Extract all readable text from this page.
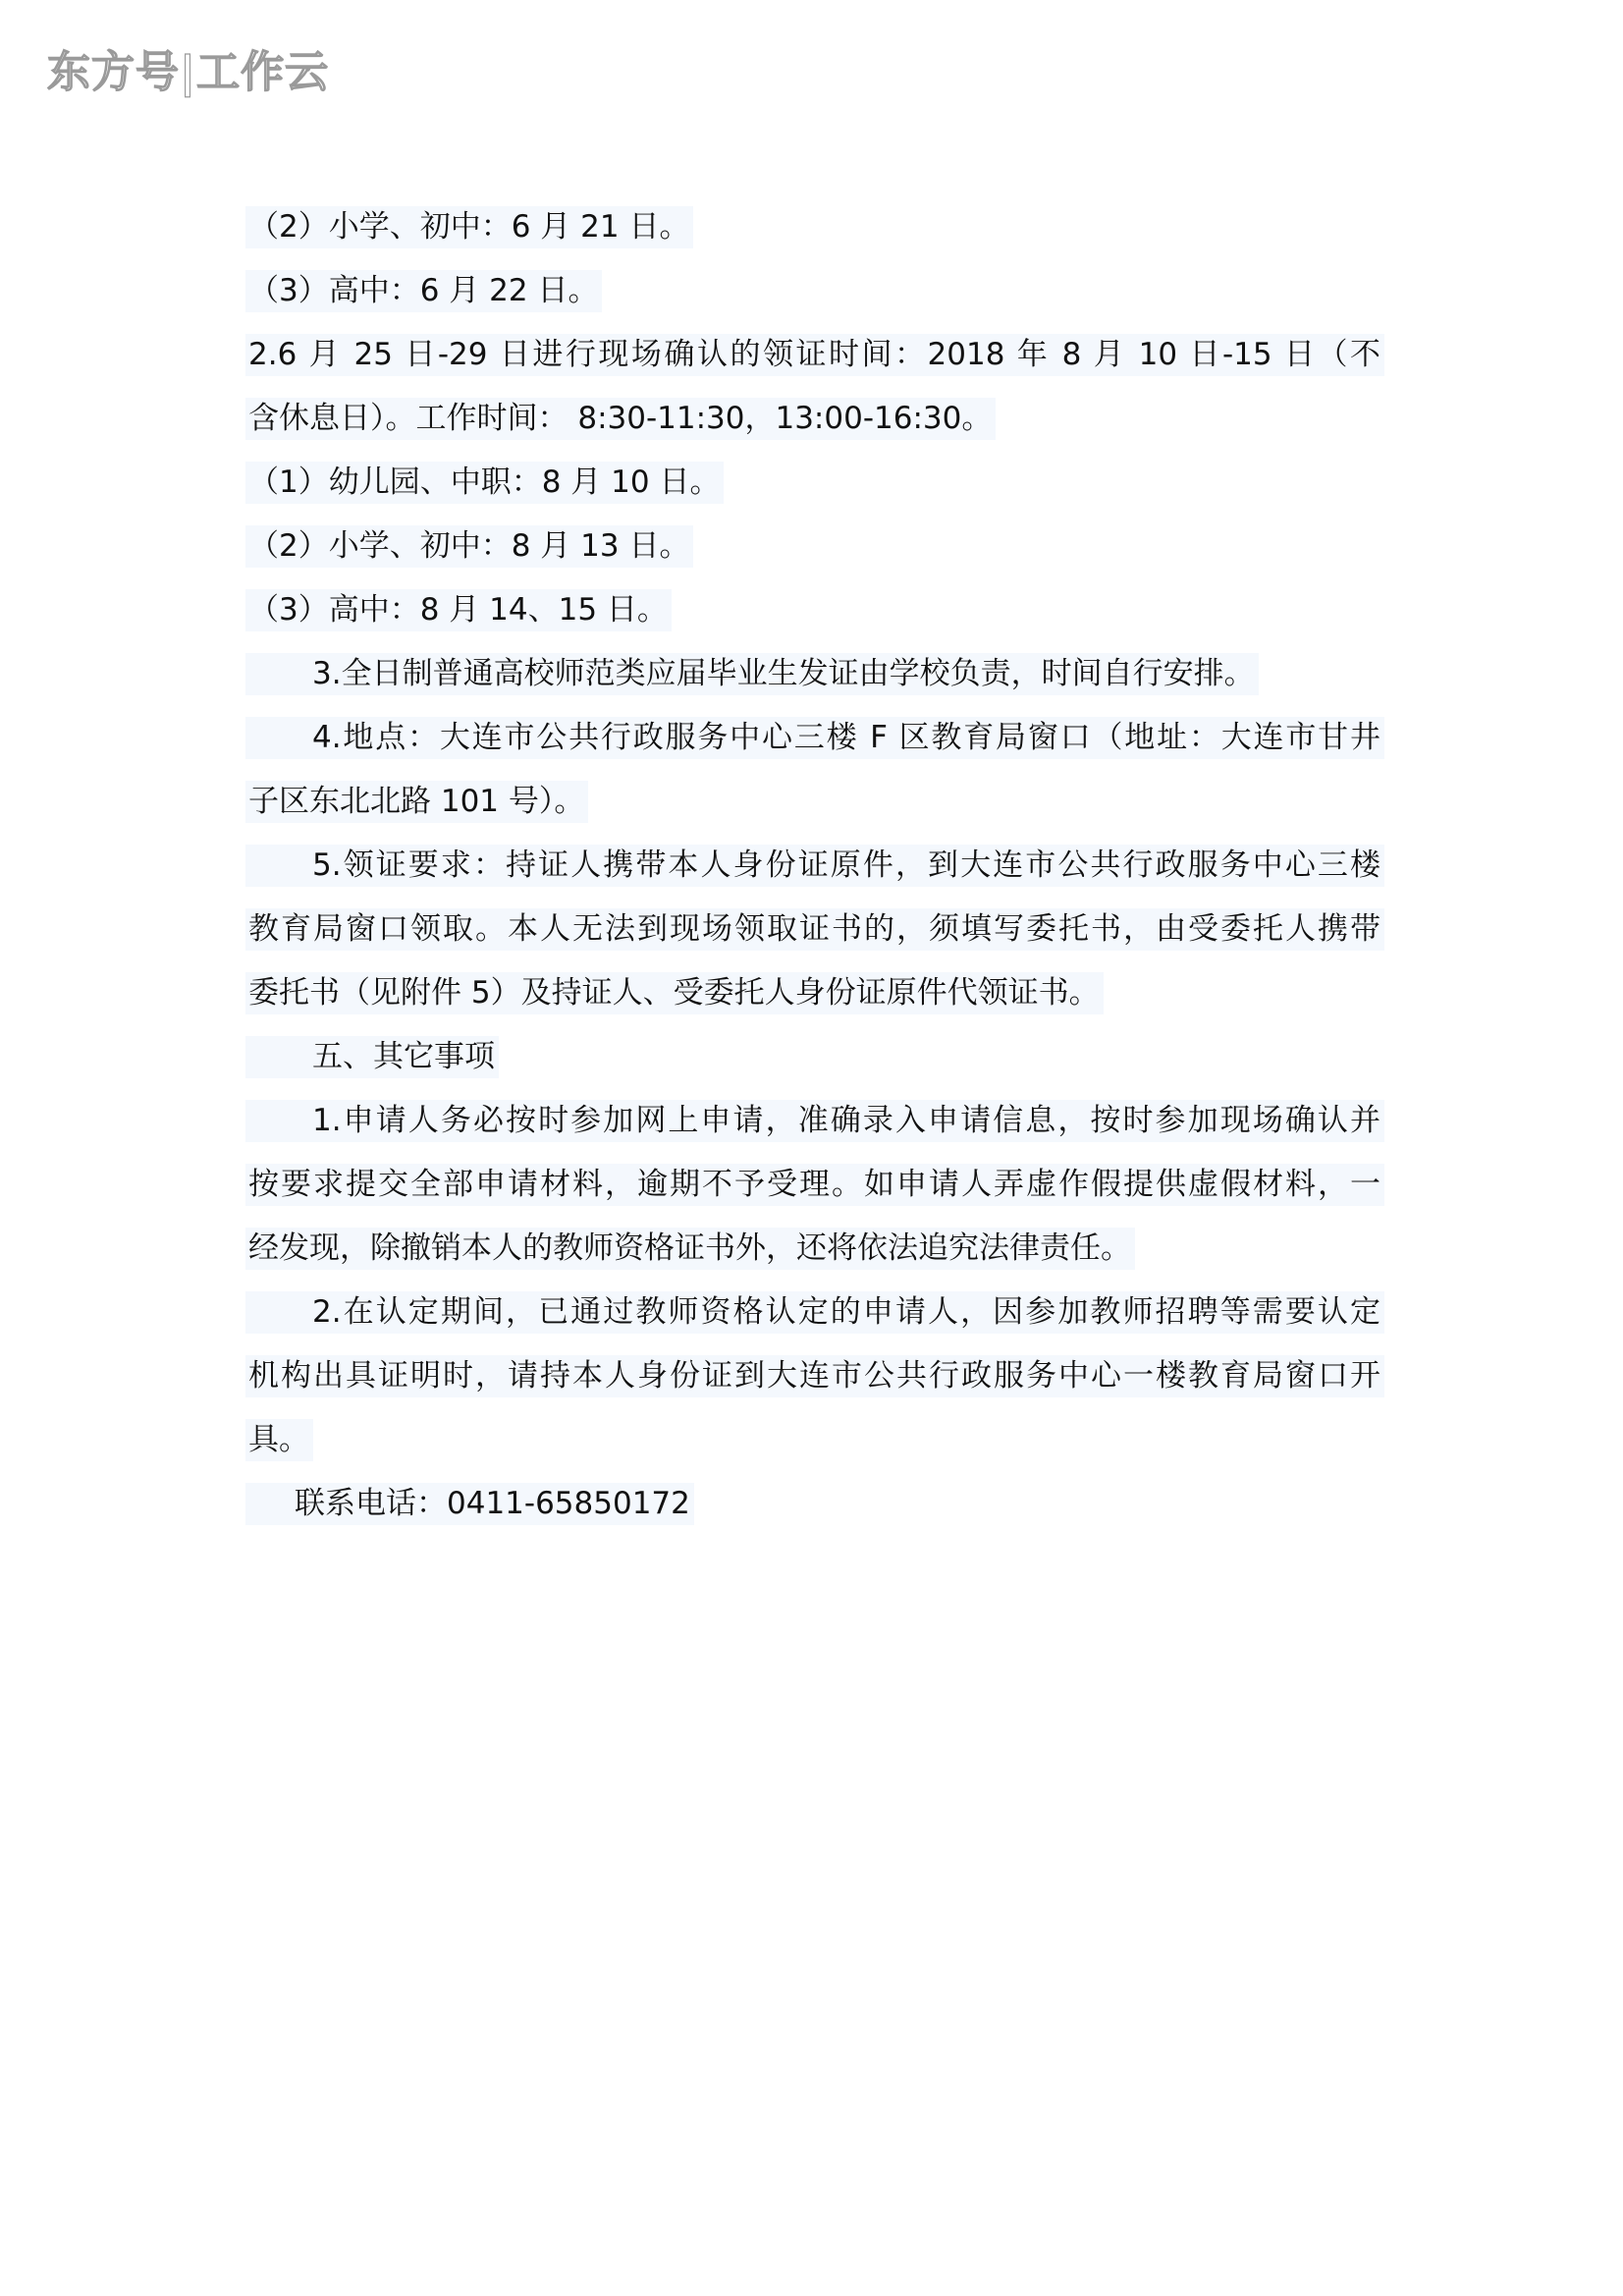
东方号|工作云
（2）小学、初中：6 月 21 日。
（3）高中：6 月 22 日。
2.6 月 25 日-29 日进行现场确认的领证时间：2018 年 8 月 10 日-15 日（不
含休息日）。工作时间： 8:30-11:30，13:00-16:30。
（1）幼儿园、中职：8 月 10 日。
（2）小学、初中：8 月 13 日。
（3）高中：8 月 14、15 日。
3.全日制普通高校师范类应届毕业生发证由学校负责，时间自行安排。
4.地点：大连市公共行政服务中心三楼 F 区教育局窗口（地址：大连市甘井
子区东北北路 101 号）。
5.领证要求：持证人携带本人身份证原件，到大连市公共行政服务中心三楼
教育局窗口领取。本人无法到现场领取证书的，须填写委托书，由受委托人携带
委托书（见附件 5）及持证人、受委托人身份证原件代领证书。
五、其它事项
1.申请人务必按时参加网上申请，准确录入申请信息，按时参加现场确认并
按要求提交全部申请材料，逾期不予受理。如申请人弄虚作假提供虚假材料，一
经发现，除撤销本人的教师资格证书外，还将依法追究法律责任。
2.在认定期间，已通过教师资格认定的申请人，因参加教师招聘等需要认定
机构出具证明时，请持本人身份证到大连市公共行政服务中心一楼教育局窗口开
具。
联系电话：0411-65850172
